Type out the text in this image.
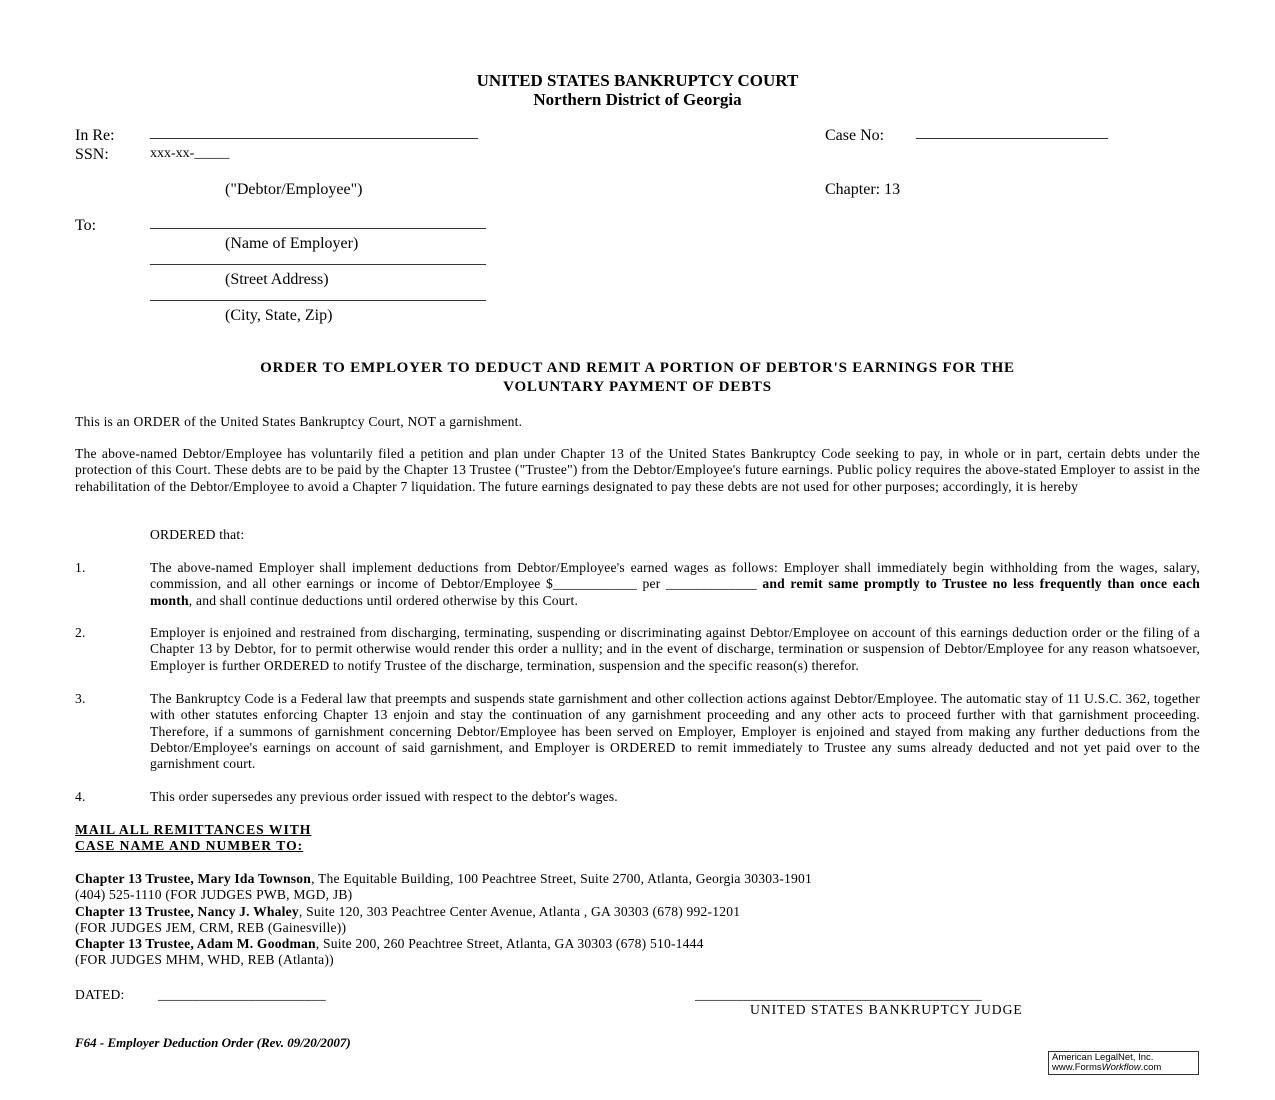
UNITED STATES BANKRUPTCY COURT
Northern District of Georgia
In Re: _________________________________________
SSN:	xxx-xx-_____
("Debtor/Employee")
Case No: ________________________
Chapter: 13
To:	__________________________________________
(Name of Employer)
__________________________________________
(Street Address)
__________________________________________
(City, State, Zip)
ORDER TO EMPLOYER TO DEDUCT AND REMIT A PORTION OF DEBTOR'S EARNINGS FOR THE
VOLUNTARY PAYMENT OF DEBTS
This is an ORDER of the United States Bankruptcy Court, NOT a garnishment.
The above-named Debtor/Employee has voluntarily filed a petition and plan under Chapter 13 of the United States Bankruptcy Code seeking to pay, in whole or in part, certain debts under the protection of this Court. These debts are to be paid by the Chapter 13 Trustee ("Trustee") from the Debtor/Employee's future earnings. Public policy requires the above-stated Employer to assist in the rehabilitation of the Debtor/Employee to avoid a Chapter 7 liquidation. The future earnings designated to pay these debts are not used for other purposes; accordingly, it is hereby
ORDERED that:
1.	The above-named Employer shall implement deductions from Debtor/Employee's earned wages as follows: Employer shall immediately begin withholding from the wages, salary, commission, and all other earnings or income of Debtor/Employee $____________ per _____________ and remit same promptly to Trustee no less frequently than once each month, and shall continue deductions until ordered otherwise by this Court.
2.	Employer is enjoined and restrained from discharging, terminating, suspending or discriminating against Debtor/Employee on account of this earnings deduction order or the filing of a Chapter 13 by Debtor, for to permit otherwise would render this order a nullity; and in the event of discharge, termination or suspension of Debtor/Employee for any reason whatsoever, Employer is further ORDERED to notify Trustee of the discharge, termination, suspension and the specific reason(s) therefor.
3.	The Bankruptcy Code is a Federal law that preempts and suspends state garnishment and other collection actions against Debtor/Employee. The automatic stay of 11 U.S.C. 362, together with other statutes enforcing Chapter 13 enjoin and stay the continuation of any garnishment proceeding and any other acts to proceed further with that garnishment proceeding. Therefore, if a summons of garnishment concerning Debtor/Employee has been served on Employer, Employer is enjoined and stayed from making any further deductions from the Debtor/Employee's earnings on account of said garnishment, and Employer is ORDERED to remit immediately to Trustee any sums already deducted and not yet paid over to the garnishment court.
4.	This order supersedes any previous order issued with respect to the debtor's wages.
MAIL ALL REMITTANCES WITH
CASE NAME AND NUMBER TO:
Chapter 13 Trustee, Mary Ida Townson, The Equitable Building, 100 Peachtree Street, Suite 2700, Atlanta, Georgia 30303-1901
(404) 525-1110 (FOR JUDGES PWB, MGD, JB)
Chapter 13 Trustee, Nancy J. Whaley, Suite 120, 303 Peachtree Center Avenue, Atlanta , GA 30303 (678) 992-1201
(FOR JUDGES JEM, CRM, REB (Gainesville))
Chapter 13 Trustee, Adam M. Goodman, Suite 200, 260 Peachtree Street, Atlanta, GA 30303 (678) 510-1444
(FOR JUDGES MHM, WHD, REB (Atlanta))
DATED: ________________________	_________________________________________
UNITED STATES BANKRUPTCY JUDGE
F64 - Employer Deduction Order (Rev. 09/20/2007)
American LegalNet, Inc.
www.FormsWorkflow.com
